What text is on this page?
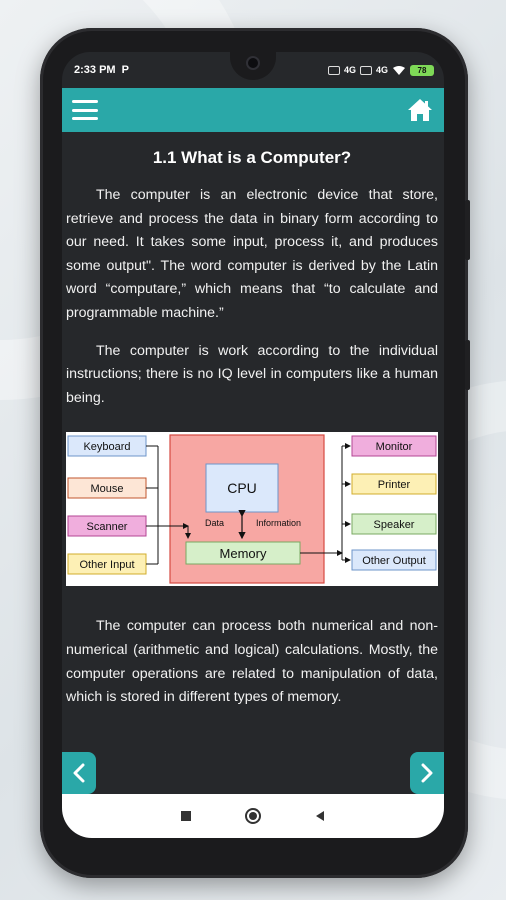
2:33 PM P	4G 4G	78
1.1 What is a Computer?

The computer is an electronic device that store, retrieve and process the data in binary form according to our need. It takes some input, process it, and produces some output". The word computer is derived by the Latin word “computare,” which means that “to calculate and programmable machine.”

The computer is work according to the individual instructions; there is no IQ level in computers like a human being.

CPU
Memory
Data	Information
Keyboard
Mouse
Scanner
Other Input
Monitor
Printer
Speaker
Other Output

The computer can process both numerical and non-numerical (arithmetic and logical) calculations. Mostly, the computer operations are related to manipulation of data, which is stored in different types of memory.
